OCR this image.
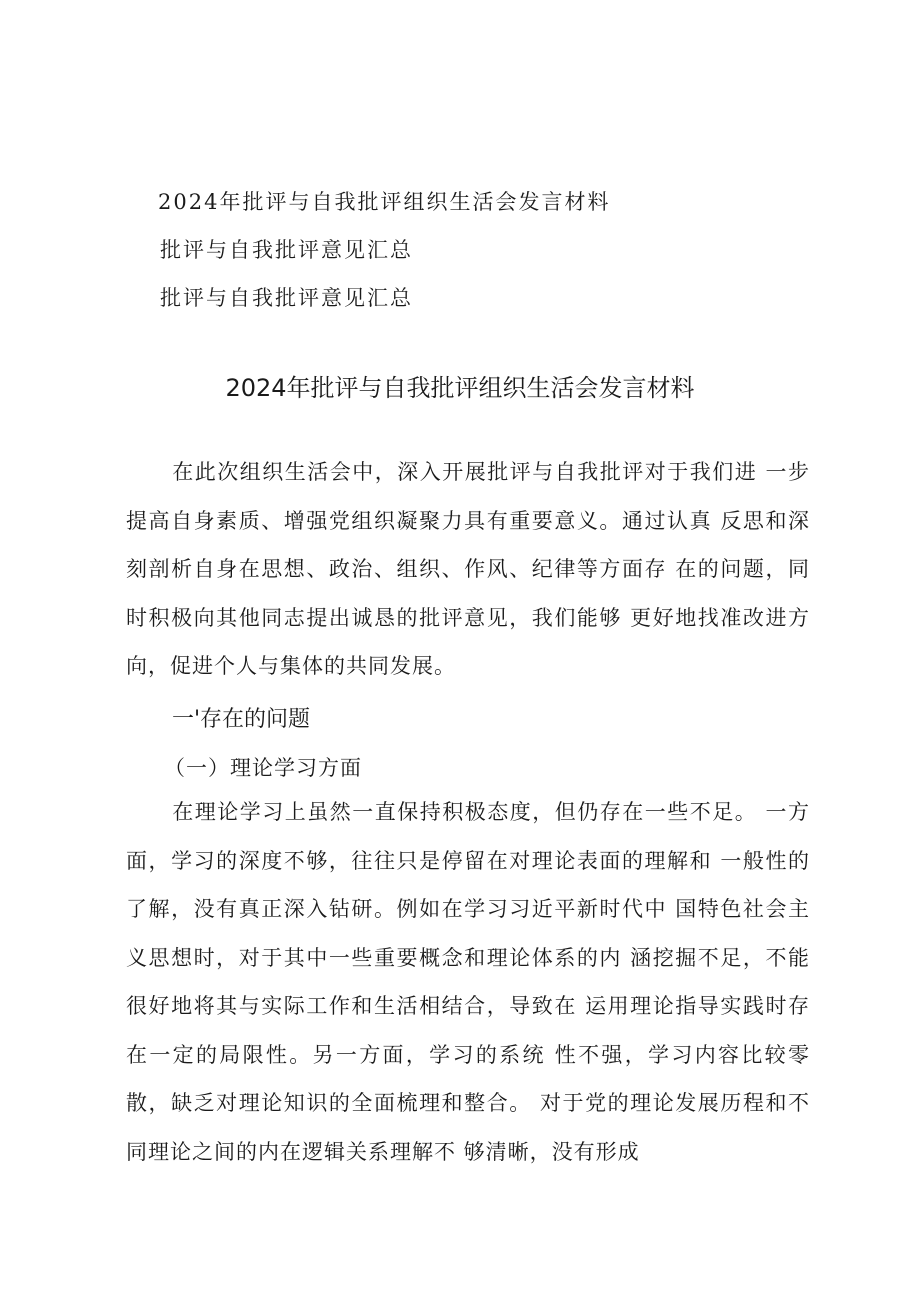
2024年批评与自我批评组织生活会发言材料
批评与自我批评意见汇总
批评与自我批评意见汇总
2024年批评与自我批评组织生活会发言材料

在此次组织生活会中，深入开展批评与自我批评对于我们进 一步提高自身素质、增强党组织凝聚力具有重要意义。通过认真 反思和深刻剖析自身在思想、政治、组织、作风、纪律等方面存 在的问题，同时积极向其他同志提出诚恳的批评意见，我们能够 更好地找准改进方向，促进个人与集体的共同发展。

一'存在的问题
（一）理论学习方面

在理论学习上虽然一直保持积极态度，但仍存在一些不足。 一方面，学习的深度不够，往往只是停留在对理论表面的理解和 一般性的了解，没有真正深入钻研。例如在学习习近平新时代中 国特色社会主义思想时，对于其中一些重要概念和理论体系的内 涵挖掘不足，不能很好地将其与实际工作和生活相结合，导致在 运用理论指导实践时存在一定的局限性。另一方面，学习的系统 性不强，学习内容比较零散，缺乏对理论知识的全面梳理和整合。 对于党的理论发展历程和不同理论之间的内在逻辑关系理解不 够清晰，没有形成
